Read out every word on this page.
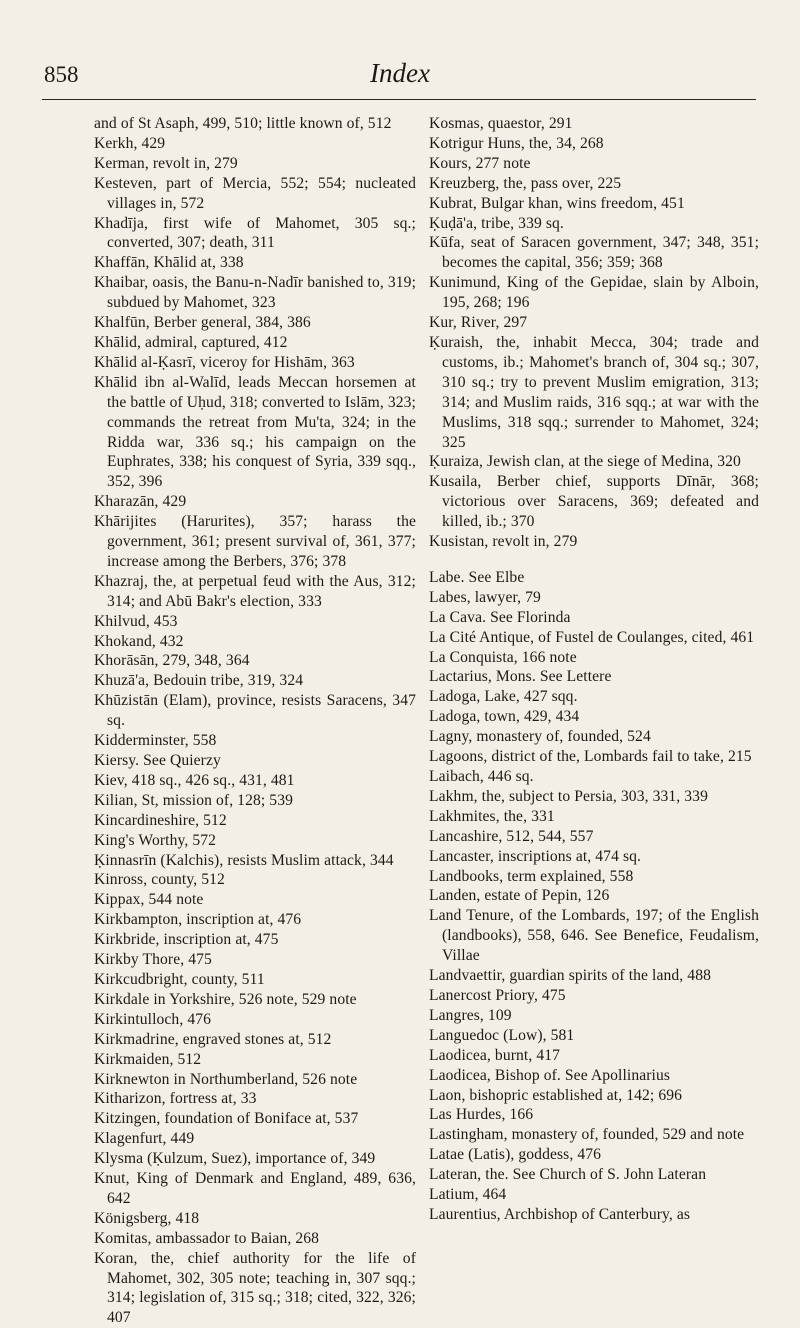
858	Index
and of St Asaph, 499, 510; little known of, 512
Kerkh, 429
Kerman, revolt in, 279
Kesteven, part of Mercia, 552; 554; nucleated villages in, 572
Khadīja, first wife of Mahomet, 305 sq.; converted, 307; death, 311
Khaffān, Khālid at, 338
Khaibar, oasis, the Banu-n-Nadīr banished to, 319; subdued by Mahomet, 323
Khalfūn, Berber general, 384, 386
Khālid, admiral, captured, 412
Khālid al-Ḳasrī, viceroy for Hishām, 363
Khālid ibn al-Walīd, leads Meccan horsemen at the battle of Uḥud, 318; converted to Islām, 323; commands the retreat from Mu'ta, 324; in the Ridda war, 336 sq.; his campaign on the Euphrates, 338; his conquest of Syria, 339 sqq., 352, 396
Kharazān, 429
Khārijites (Harurites), 357; harass the government, 361; present survival of, 361, 377; increase among the Berbers, 376; 378
Khazraj, the, at perpetual feud with the Aus, 312; 314; and Abū Bakr's election, 333
Khilvud, 453
Khokand, 432
Khorāsān, 279, 348, 364
Khuzā'a, Bedouin tribe, 319, 324
Khūzistān (Elam), province, resists Saracens, 347 sq.
Kidderminster, 558
Kiersy. See Quierzy
Kiev, 418 sq., 426 sq., 431, 481
Kilian, St, mission of, 128; 539
Kincardineshire, 512
King's Worthy, 572
Ḳinnasrīn (Kalchis), resists Muslim attack, 344
Kinross, county, 512
Kippax, 544 note
Kirkbampton, inscription at, 476
Kirkbride, inscription at, 475
Kirkby Thore, 475
Kirkcudbright, county, 511
Kirkdale in Yorkshire, 526 note, 529 note
Kirkintulloch, 476
Kirkmadrine, engraved stones at, 512
Kirkmaiden, 512
Kirknewton in Northumberland, 526 note
Kitharizon, fortress at, 33
Kitzingen, foundation of Boniface at, 537
Klagenfurt, 449
Klysma (Ḳulzum, Suez), importance of, 349
Knut, King of Denmark and England, 489, 636, 642
Königsberg, 418
Komitas, ambassador to Baian, 268
Koran, the, chief authority for the life of Mahomet, 302, 305 note; teaching in, 307 sqq.; 314; legislation of, 315 sq.; 318; cited, 322, 326; 407
Kosmas, quaestor, 291
Kotrigur Huns, the, 34, 268
Kours, 277 note
Kreuzberg, the, pass over, 225
Kubrat, Bulgar khan, wins freedom, 451
Ḳuḍā'a, tribe, 339 sq.
Kūfa, seat of Saracen government, 347; 348, 351; becomes the capital, 356; 359; 368
Kunimund, King of the Gepidae, slain by Alboin, 195, 268; 196
Kur, River, 297
Ḳuraish, the, inhabit Mecca, 304; trade and customs, ib.; Mahomet's branch of, 304 sq.; 307, 310 sq.; try to prevent Muslim emigration, 313; 314; and Muslim raids, 316 sqq.; at war with the Muslims, 318 sqq.; surrender to Mahomet, 324; 325
Ḳuraiza, Jewish clan, at the siege of Medina, 320
Kusaila, Berber chief, supports Dīnār, 368; victorious over Saracens, 369; defeated and killed, ib.; 370
Kusistan, revolt in, 279
Labe. See Elbe
Labes, lawyer, 79
La Cava. See Florinda
La Cité Antique, of Fustel de Coulanges, cited, 461
La Conquista, 166 note
Lactarius, Mons. See Lettere
Ladoga, Lake, 427 sqq.
Ladoga, town, 429, 434
Lagny, monastery of, founded, 524
Lagoons, district of the, Lombards fail to take, 215
Laibach, 446 sq.
Lakhm, the, subject to Persia, 303, 331, 339
Lakhmites, the, 331
Lancashire, 512, 544, 557
Lancaster, inscriptions at, 474 sq.
Landbooks, term explained, 558
Landen, estate of Pepin, 126
Land Tenure, of the Lombards, 197; of the English (landbooks), 558, 646. See Benefice, Feudalism, Villae
Landvaettir, guardian spirits of the land, 488
Lanercost Priory, 475
Langres, 109
Languedoc (Low), 581
Laodicea, burnt, 417
Laodicea, Bishop of. See Apollinarius
Laon, bishopric established at, 142; 696
Las Hurdes, 166
Lastingham, monastery of, founded, 529 and note
Latae (Latis), goddess, 476
Lateran, the. See Church of S. John Lateran
Latium, 464
Laurentius, Archbishop of Canterbury, as
